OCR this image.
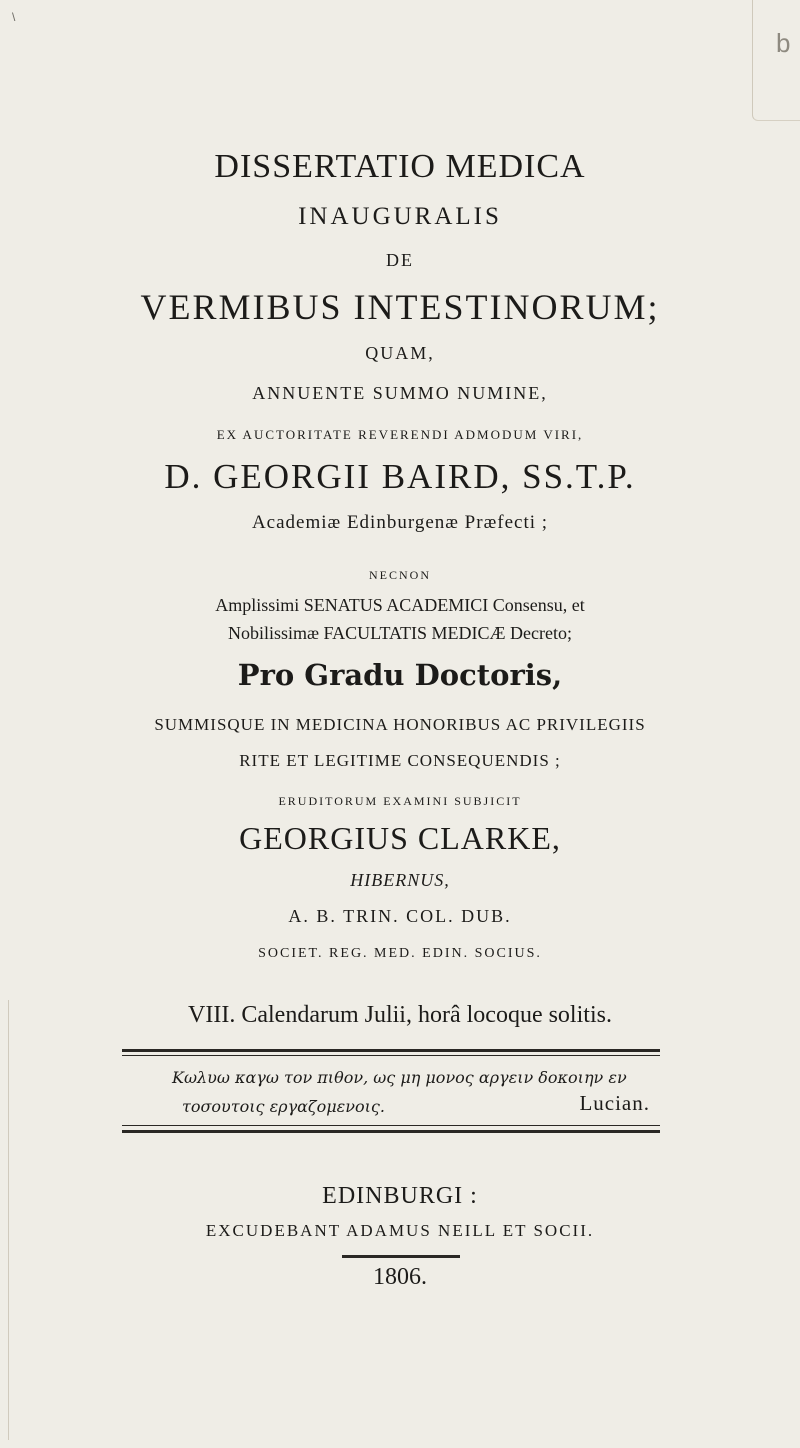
b
\
DISSERTATIO MEDICA
INAUGURALIS
DE
VERMIBUS INTESTINORUM;
QUAM,
ANNUENTE SUMMO NUMINE,
EX AUCTORITATE REVERENDI ADMODUM VIRI,
D. GEORGII BAIRD, SS.T.P.
Academiæ Edinburgenæ Præfecti ;
NECNON
Amplissimi SENATUS ACADEMICI Consensu, et
Nobilissimæ FACULTATIS MEDICÆ Decreto;
Pro Gradu Doctoris,
SUMMISQUE IN MEDICINA HONORIBUS AC PRIVILEGIIS
RITE ET LEGITIME CONSEQUENDIS ;
ERUDITORUM EXAMINI SUBJICIT
GEORGIUS CLARKE,
HIBERNUS,
A. B. TRIN. COL. DUB.
SOCIET. REG. MED. EDIN. SOCIUS.
VIII. Calendarum Julii, horâ locoque solitis.
Κωλυω καγω τον πιθον, ως μη μονος αργειν δοκοιην εν τοσουτοις εργαζομενοις.	Lucian.
EDINBURGI :
EXCUDEBANT ADAMUS NEILL ET SOCII.
1806.
